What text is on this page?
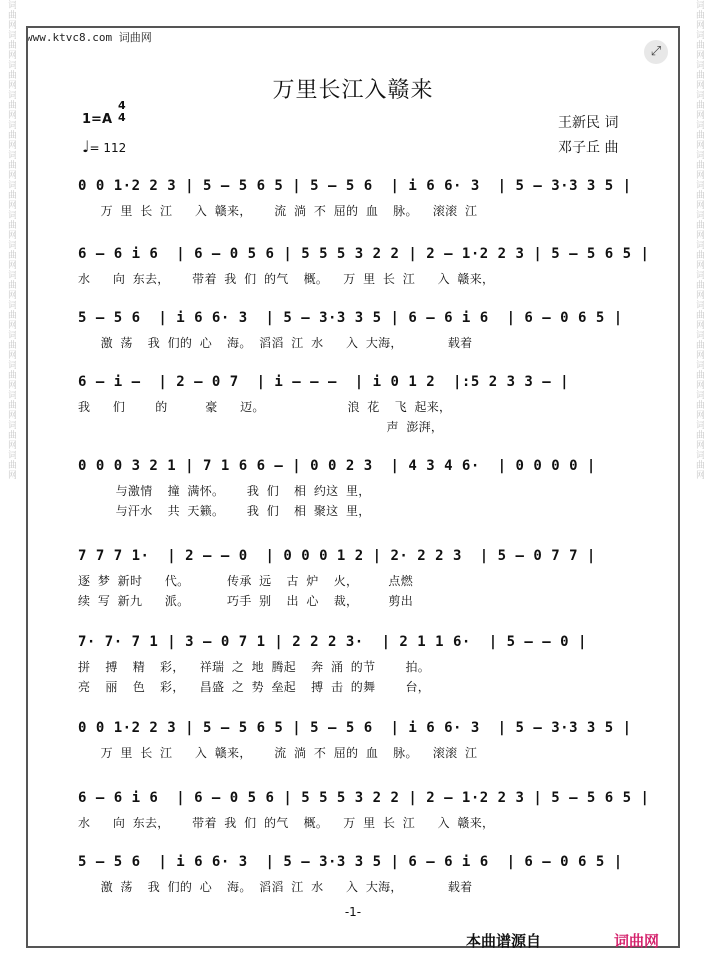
词曲网词曲网词曲网词曲网词曲网词曲网词曲网词曲网词曲网词曲网词曲网词曲网词曲网词曲网词曲网词曲网	词曲网词曲网词曲网词曲网词曲网词曲网词曲网词曲网词曲网词曲网词曲网词曲网词曲网词曲网词曲网词曲网
www.ktvc8.com 词曲网
⤢
万里长江入赣来
1=A
4
4
♩= 112
王新民 词
邓子丘 曲
0 0 1·2 2 3 | 5 – 5 6 5 | 5 – 5 6  | i 6 6· 3  | 5 – 3·3 3 5 |
万 里 长 江   入 赣来，   流 淌 不 屈的 血  脉。  滚滚 江
6 – 6 i 6  | 6 – 0 5 6 | 5 5 5 3 2 2 | 2 – 1·2 2 3 | 5 – 5 6 5 |
水   向 东去，   带着 我 们 的气  概。  万 里 长 江   入 赣来，
5 – 5 6  | i 6 6· 3  | 5 – 3·3 3 5 | 6 – 6 i 6  | 6 – 0 6 5 |
激 荡  我 们的 心  海。 滔滔 江 水   入 大海，      载着
6 – i –  | 2 – 0 7  | i – – –  | i 0 1 2  |:5 2 3 3 – |
我   们    的     豪   迈。           浪 花  飞 起来，
声 澎湃，
0 0 0 3 2 1 | 7 1 6 6 – | 0 0 2 3  | 4 3 4 6·  | 0 0 0 0 |
与激情  撞 满怀。   我 们  相 约这 里，
与汗水  共 天籁。   我 们  相 聚这 里，
7 7 7 1·  | 2 – – 0  | 0 0 0 1 2 | 2· 2 2 3  | 5 – 0 7 7 |
逐 梦 新时   代。     传承 远  古 炉  火，    点燃
续 写 新九   派。     巧手 别  出 心  裁，    剪出
7· 7· 7 1 | 3 – 0 7 1 | 2 2 2 3·  | 2 1 1 6·  | 5 – – 0 |
拼  搏  精  彩，  祥瑞 之 地 腾起  奔 涌 的节    拍。
亮  丽  色  彩，  昌盛 之 势 垒起  搏 击 的舞    台，
0 0 1·2 2 3 | 5 – 5 6 5 | 5 – 5 6  | i 6 6· 3  | 5 – 3·3 3 5 |
万 里 长 江   入 赣来，   流 淌 不 屈的 血  脉。  滚滚 江
6 – 6 i 6  | 6 – 0 5 6 | 5 5 5 3 2 2 | 2 – 1·2 2 3 | 5 – 5 6 5 |
水   向 东去，   带着 我 们 的气  概。  万 里 长 江   入 赣来，
5 – 5 6  | i 6 6· 3  | 5 – 3·3 3 5 | 6 – 6 i 6  | 6 – 0 6 5 |
激 荡  我 们的 心  海。 滔滔 江 水   入 大海，      载着
-1-
本曲谱源自	词曲网
